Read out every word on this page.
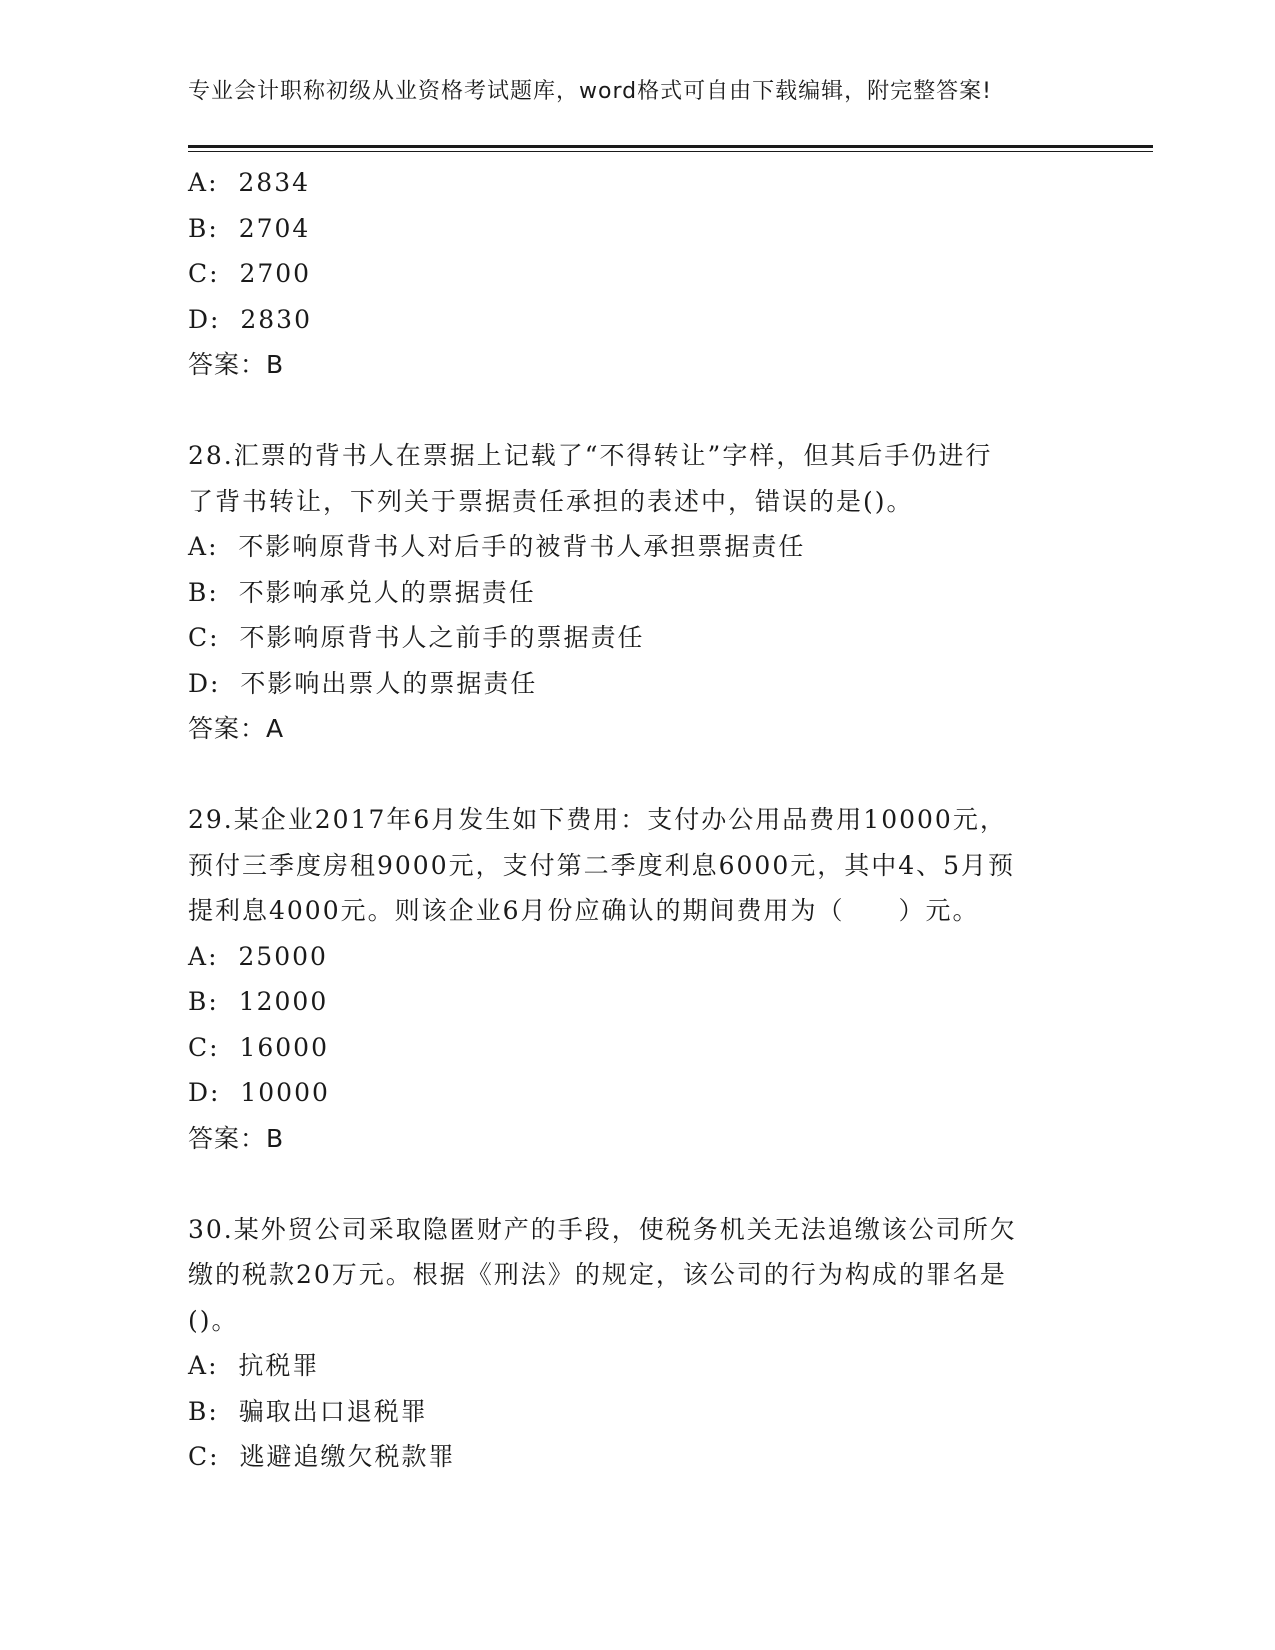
专业会计职称初级从业资格考试题库，word格式可自由下载编辑，附完整答案!
A:  2834
B:  2704
C:  2700
D:  2830
答案：B
28.汇票的背书人在票据上记载了“不得转让”字样，但其后手仍进行
了背书转让，下列关于票据责任承担的表述中，错误的是()。
A:  不影响原背书人对后手的被背书人承担票据责任
B:  不影响承兑人的票据责任
C:  不影响原背书人之前手的票据责任
D:  不影响出票人的票据责任
答案：A
29.某企业2017年6月发生如下费用：支付办公用品费用10000元，
预付三季度房租9000元，支付第二季度利息6000元，其中4、5月预
提利息4000元。则该企业6月份应确认的期间费用为（　　）元。
A:  25000
B:  12000
C:  16000
D:  10000
答案：B
30.某外贸公司采取隐匿财产的手段，使税务机关无法追缴该公司所欠
缴的税款20万元。根据《刑法》的规定，该公司的行为构成的罪名是
()。
A:  抗税罪
B:  骗取出口退税罪
C:  逃避追缴欠税款罪
